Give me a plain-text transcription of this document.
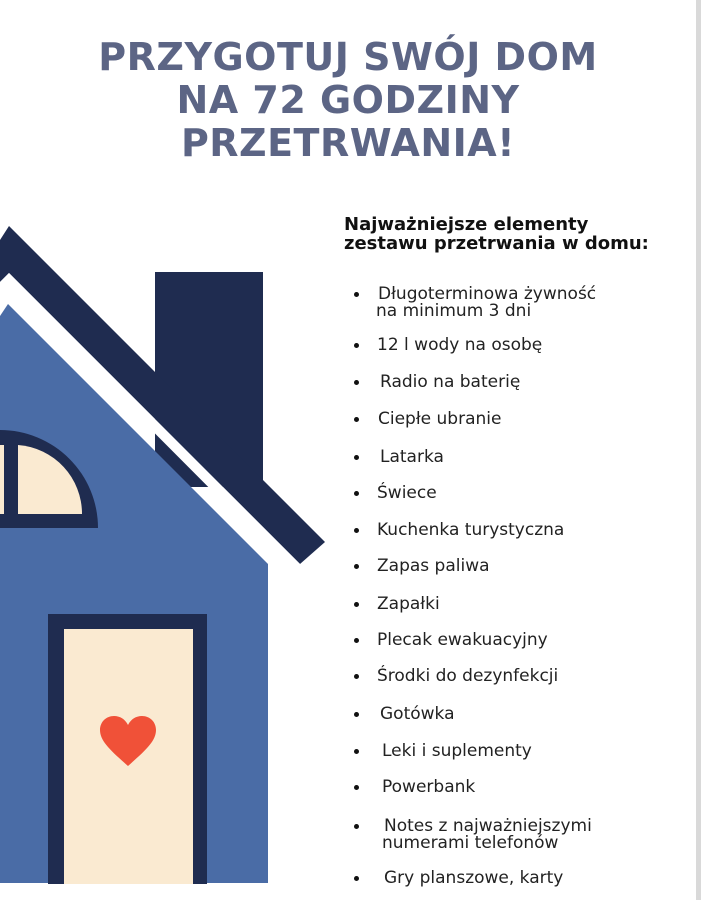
PRZYGOTUJ SWÓJ DOM
NA 72 GODZINY
PRZETRWANIA!
Najważniejsze elementy
zestawu przetrwania w domu:
Długoterminowa żywność
na minimum 3 dni
12 l wody na osobę
Radio na baterię
Ciepłe ubranie
Latarka
Świece
Kuchenka turystyczna
Zapas paliwa
Zapałki
Plecak ewakuacyjny
Środki do dezynfekcji
Gotówka
Leki i suplementy
Powerbank
Notes z najważniejszymi
numerami telefonów
Gry planszowe, karty
